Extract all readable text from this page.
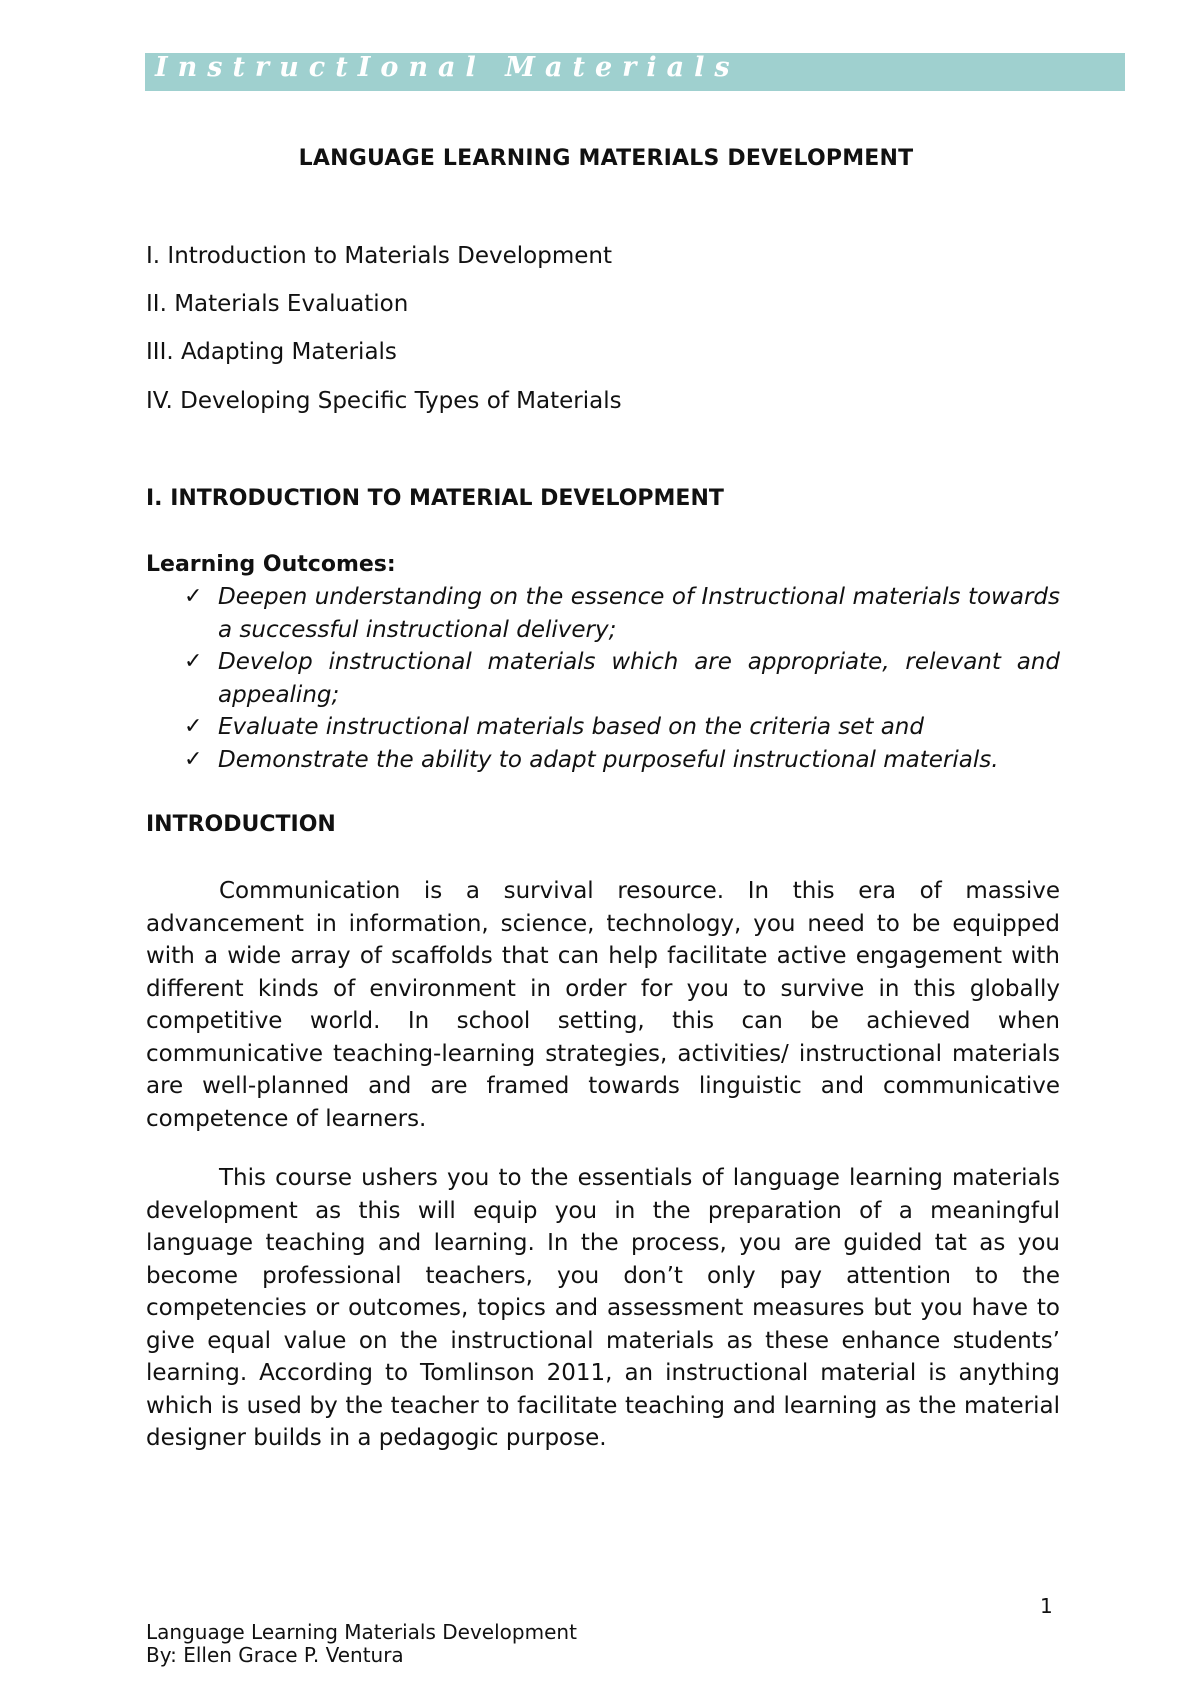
InstructIonal Materials
LANGUAGE LEARNING MATERIALS DEVELOPMENT
I. Introduction to Materials Development
II. Materials Evaluation
III. Adapting Materials
IV. Developing Specific Types of Materials
I. INTRODUCTION TO MATERIAL DEVELOPMENT
Learning Outcomes:
✓ Deepen understanding on the essence of Instructional materials towards a successful instructional delivery;
✓ Develop instructional materials which are appropriate, relevant and appealing;
✓ Evaluate instructional materials based on the criteria set and
✓ Demonstrate the ability to adapt purposeful instructional materials.
INTRODUCTION

Communication is a survival resource. In this era of massive advancement in information, science, technology, you need to be equipped with a wide array of scaffolds that can help facilitate active engagement with different kinds of environment in order for you to survive in this globally competitive world. In school setting, this can be achieved when communicative teaching-learning strategies, activities/ instructional materials are well-planned and are framed towards linguistic and communicative competence of learners.

This course ushers you to the essentials of language learning materials development as this will equip you in the preparation of a meaningful language teaching and learning. In the process, you are guided tat as you become professional teachers, you don’t only pay attention to the competencies or outcomes, topics and assessment measures but you have to give equal value on the instructional materials as these enhance students’ learning. According to Tomlinson 2011, an instructional material is anything which is used by the teacher to facilitate teaching and learning as the material designer builds in a pedagogic purpose.

1
Language Learning Materials Development
By: Ellen Grace P. Ventura
